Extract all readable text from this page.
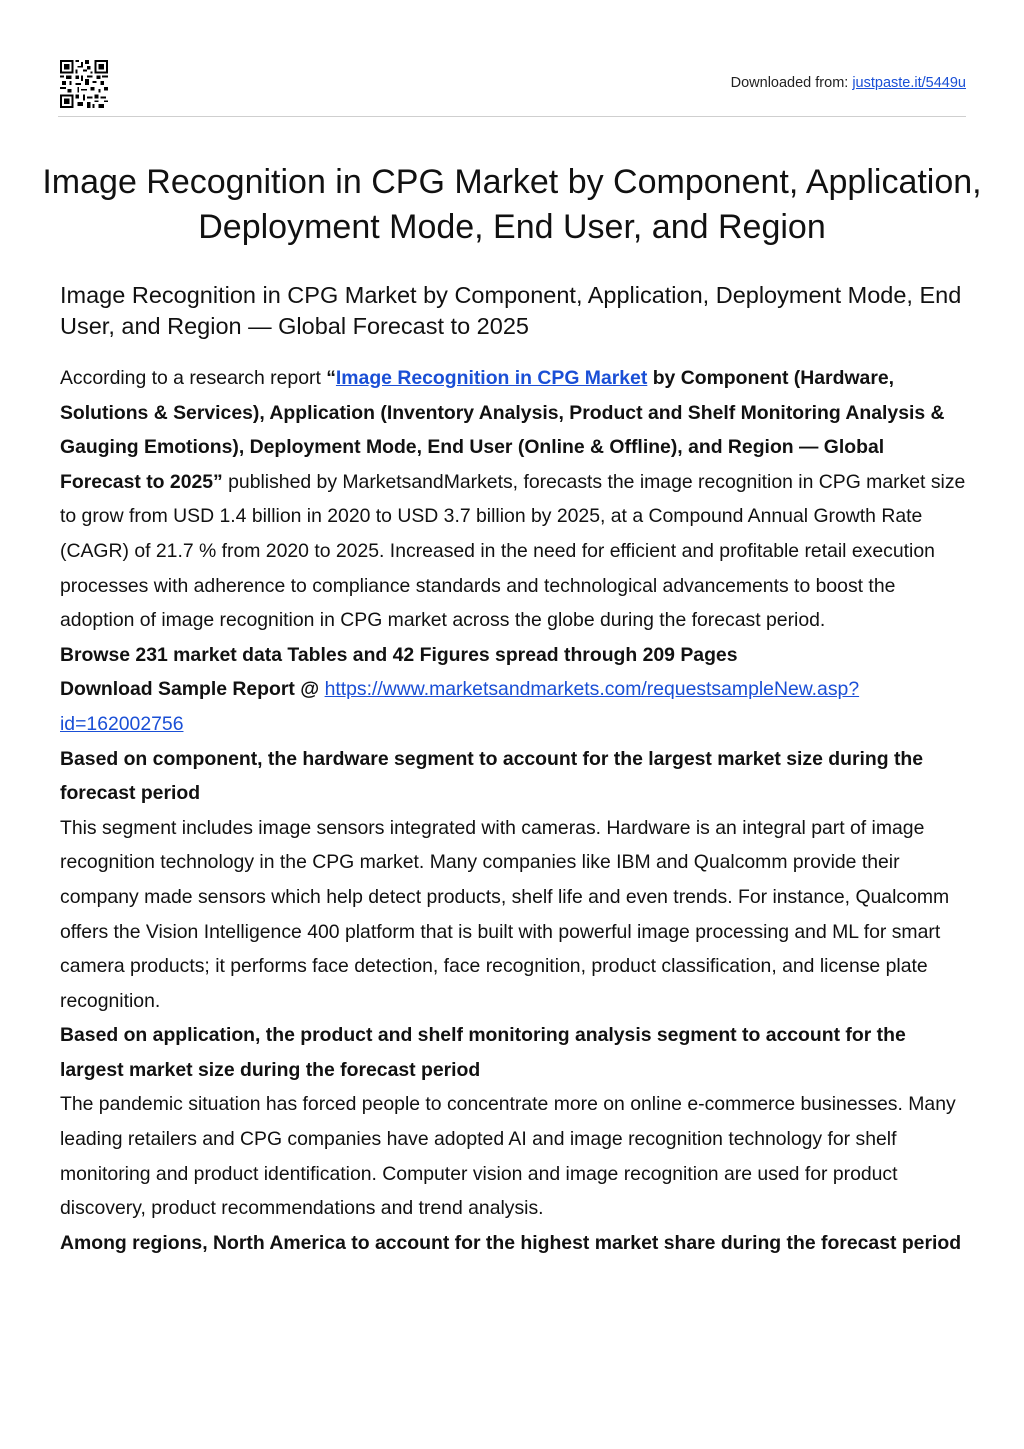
Downloaded from: justpaste.it/5449u
Image Recognition in CPG Market by Component, Application, Deployment Mode, End User, and Region
Image Recognition in CPG Market by Component, Application, Deployment Mode, End User, and Region — Global Forecast to 2025

According to a research report “Image Recognition in CPG Market by Component (Hardware, Solutions & Services), Application (Inventory Analysis, Product and Shelf Monitoring Analysis & Gauging Emotions), Deployment Mode, End User (Online & Offline), and Region — Global Forecast to 2025” published by MarketsandMarkets, forecasts the image recognition in CPG market size to grow from USD 1.4 billion in 2020 to USD 3.7 billion by 2025, at a Compound Annual Growth Rate (CAGR) of 21.7 % from 2020 to 2025. Increased in the need for efficient and profitable retail execution processes with adherence to compliance standards and technological advancements to boost the adoption of image recognition in CPG market across the globe during the forecast period.

Browse 231 market data Tables and 42 Figures spread through 209 Pages

Download Sample Report @ https://www.marketsandmarkets.com/requestsampleNew.asp?
id=162002756

Based on component, the hardware segment to account for the largest market size during the forecast period

This segment includes image sensors integrated with cameras. Hardware is an integral part of image recognition technology in the CPG market. Many companies like IBM and Qualcomm provide their company made sensors which help detect products, shelf life and even trends. For instance, Qualcomm offers the Vision Intelligence 400 platform that is built with powerful image processing and ML for smart camera products; it performs face detection, face recognition, product classification, and license plate recognition.

Based on application, the product and shelf monitoring analysis segment to account for the largest market size during the forecast period

The pandemic situation has forced people to concentrate more on online e-commerce businesses. Many leading retailers and CPG companies have adopted AI and image recognition technology for shelf monitoring and product identification. Computer vision and image recognition are used for product discovery, product recommendations and trend analysis.

Among regions, North America to account for the highest market share during the forecast period
